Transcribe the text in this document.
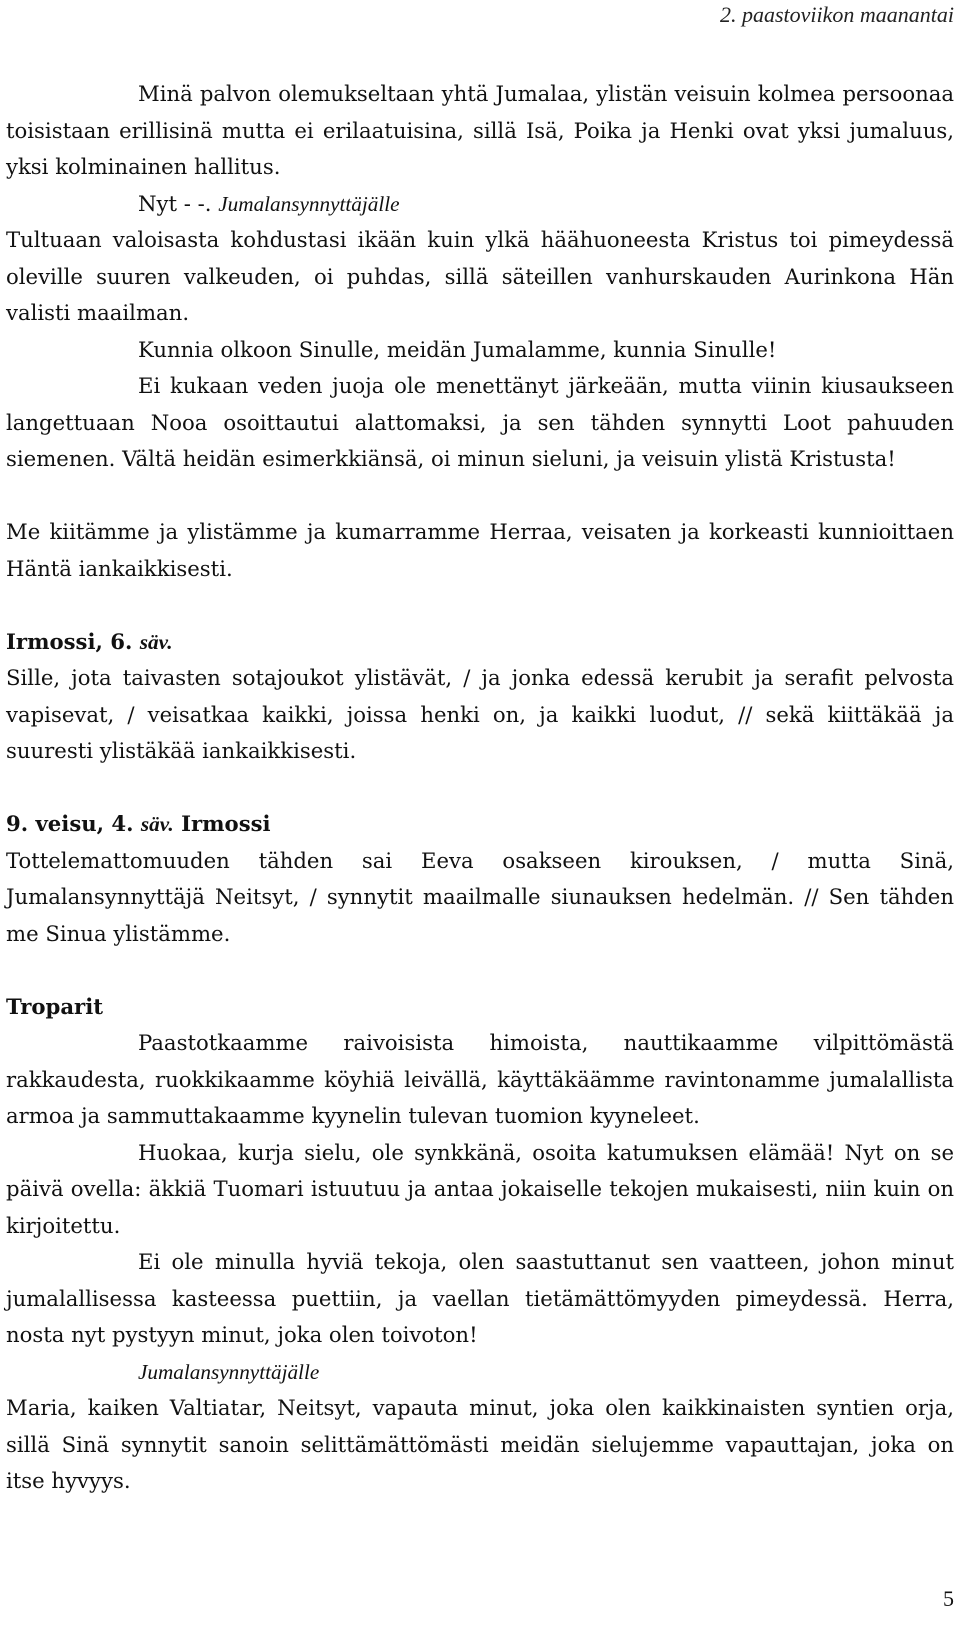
2. paastoviikon maanantai

Minä palvon olemukseltaan yhtä Jumalaa, ylistän veisuin kolmea persoonaa toisistaan erillisinä mutta ei erilaatuisina, sillä Isä, Poika ja Henki ovat yksi jumaluus, yksi kolminainen hallitus.

Nyt - -. Jumalansynnyttäjälle

Tultuaan valoisasta kohdustasi ikään kuin ylkä häähuoneesta Kristus toi pimeydessä oleville suuren valkeuden, oi puhdas, sillä säteillen vanhurskauden Aurinkona Hän valisti maailman.

Kunnia olkoon Sinulle, meidän Jumalamme, kunnia Sinulle!

Ei kukaan veden juoja ole menettänyt järkeään, mutta viinin kiusaukseen langettuaan Nooa osoittautui alattomaksi, ja sen tähden synnytti Loot pahuuden siemenen. Vältä heidän esimerkkiänsä, oi minun sieluni, ja veisuin ylistä Kristusta!

Me kiitämme ja ylistämme ja kumarramme Herraa, veisaten ja korkeasti kunnioittaen Häntä iankaikkisesti.

Irmossi, 6. säv.

Sille, jota taivasten sotajoukot ylistävät, / ja jonka edessä kerubit ja serafit pelvosta vapisevat, / veisatkaa kaikki, joissa henki on, ja kaikki luodut, // sekä kiittäkää ja suuresti ylistäkää iankaikkisesti.

9. veisu, 4. säv. Irmossi

Tottelemattomuuden tähden sai Eeva osakseen kirouksen, / mutta Sinä, Jumalansynnyttäjä Neitsyt, / synnytit maailmalle siunauksen hedelmän. // Sen tähden me Sinua ylistämme.

Troparit

Paastotkaamme raivoisista himoista, nauttikaamme vilpittömästä rakkaudesta, ruokkikaamme köyhiä leivällä, käyttäkäämme ravintonamme jumalallista armoa ja sammuttakaamme kyynelin tulevan tuomion kyyneleet.

Huokaa, kurja sielu, ole synkkänä, osoita katumuksen elämää! Nyt on se päivä ovella: äkkiä Tuomari istuutuu ja antaa jokaiselle tekojen mukaisesti, niin kuin on kirjoitettu.

Ei ole minulla hyviä tekoja, olen saastuttanut sen vaatteen, johon minut jumalallisessa kasteessa puettiin, ja vaellan tietämättömyyden pimeydessä. Herra, nosta nyt pystyyn minut, joka olen toivoton!

Jumalansynnyttäjälle

Maria, kaiken Valtiatar, Neitsyt, vapauta minut, joka olen kaikkinaisten syntien orja, sillä Sinä synnytit sanoin selittämättömästi meidän sielujemme vapauttajan, joka on itse hyvyys.

5
